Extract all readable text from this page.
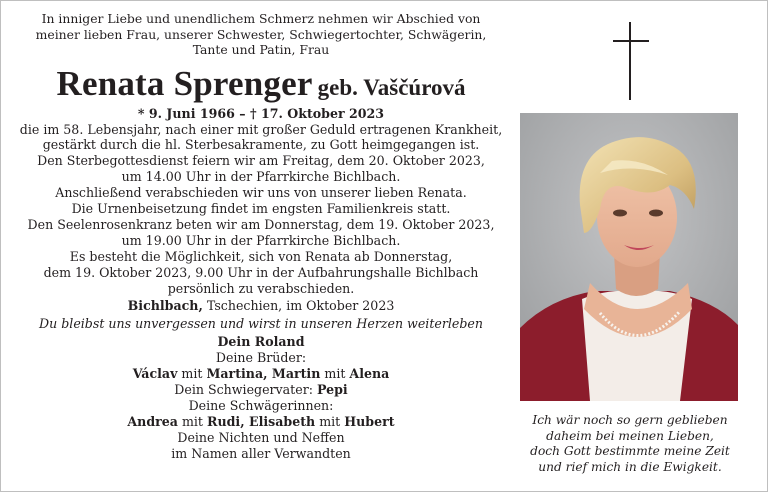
In inniger Liebe und unendlichem Schmerz nehmen wir Abschied von
meiner lieben Frau, unserer Schwester, Schwiegertochter, Schwägerin,
Tante und Patin, Frau
Renata Sprenger geb. Vaščúrová
* 9. Juni 1966 – † 17. Oktober 2023
die im 58. Lebensjahr, nach einer mit großer Geduld ertragenen Krankheit,
gestärkt durch die hl. Sterbesakramente, zu Gott heimgegangen ist.
Den Sterbegottesdienst feiern wir am Freitag, dem 20. Oktober 2023,
um 14.00 Uhr in der Pfarrkirche Bichlbach.
Anschließend verabschieden wir uns von unserer lieben Renata.
Die Urnenbeisetzung findet im engsten Familienkreis statt.
Den Seelenrosenkranz beten wir am Donnerstag, dem 19. Oktober 2023,
um 19.00 Uhr in der Pfarrkirche Bichlbach.
Es besteht die Möglichkeit, sich von Renata ab Donnerstag,
dem 19. Oktober 2023, 9.00 Uhr in der Aufbahrungshalle Bichlbach
persönlich zu verabschieden.
Bichlbach, Tschechien, im Oktober 2023
Du bleibst uns unvergessen und wirst in unseren Herzen weiterleben
Dein Roland
Deine Brüder:
Václav mit Martina, Martin mit Alena
Dein Schwiegervater: Pepi
Deine Schwägerinnen:
Andrea mit Rudi, Elisabeth mit Hubert
Deine Nichten und Neffen
im Namen aller Verwandten
Ich wär noch so gern geblieben
daheim bei meinen Lieben,
doch Gott bestimmte meine Zeit
und rief mich in die Ewigkeit.
